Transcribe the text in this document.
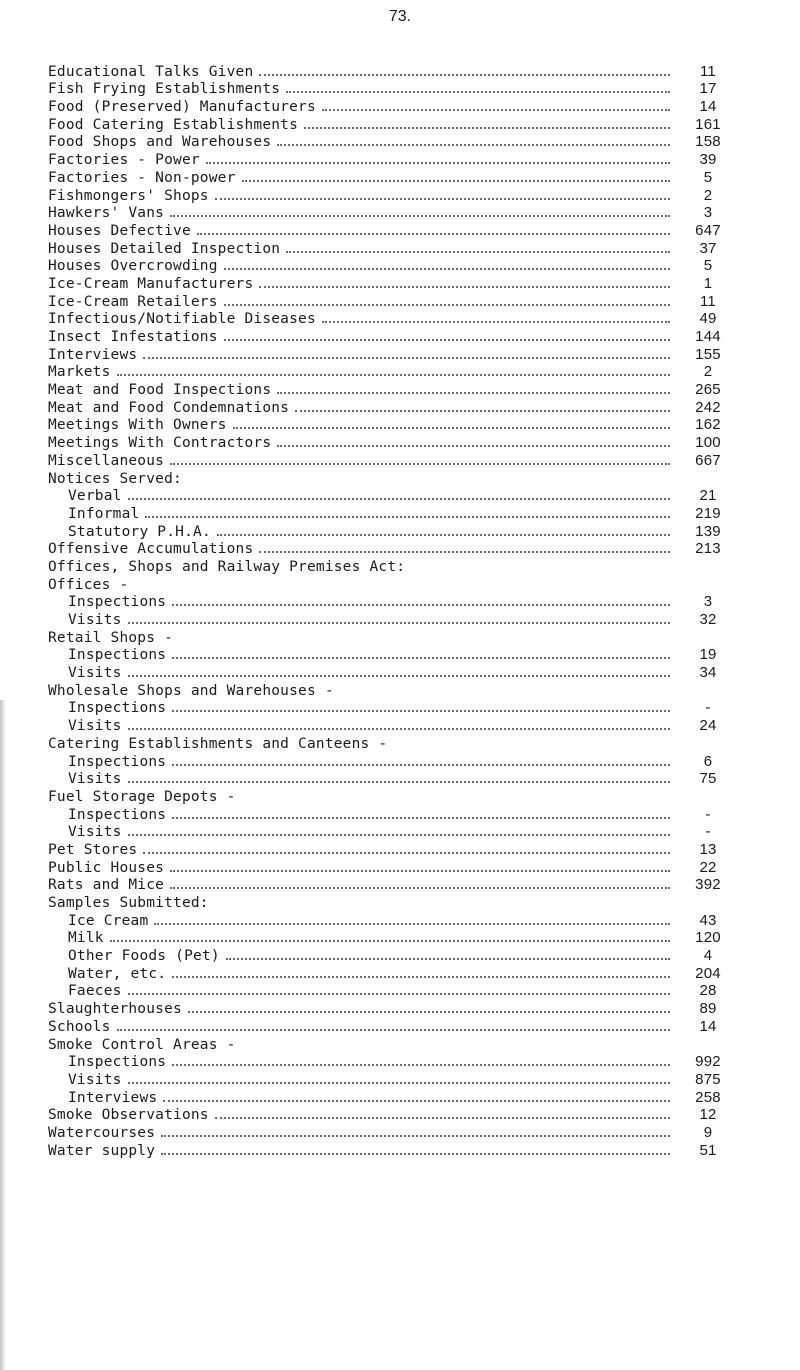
73.
Educational Talks Given	11
Fish Frying Establishments	17
Food (Preserved) Manufacturers	14
Food Catering Establishments	161
Food Shops and Warehouses	158
Factories - Power	39
Factories - Non-power	5
Fishmongers' Shops	2
Hawkers' Vans	3
Houses Defective	647
Houses Detailed Inspection	37
Houses Overcrowding	5
Ice-Cream Manufacturers	1
Ice-Cream Retailers	11
Infectious/Notifiable Diseases	49
Insect Infestations	144
Interviews	155
Markets	2
Meat and Food Inspections	265
Meat and Food Condemnations	242
Meetings With Owners	162
Meetings With Contractors	100
Miscellaneous	667
Notices Served:
Verbal	21
Informal	219
Statutory P.H.A.	139
Offensive Accumulations	213
Offices, Shops and Railway Premises Act:
Offices -
Inspections	3
Visits	32
Retail Shops -
Inspections	19
Visits	34
Wholesale Shops and Warehouses -
Inspections	-
Visits	24
Catering Establishments and Canteens -
Inspections	6
Visits	75
Fuel Storage Depots -
Inspections	-
Visits	-
Pet Stores	13
Public Houses	22
Rats and Mice	392
Samples Submitted:
Ice Cream	43
Milk	120
Other Foods (Pet)	4
Water, etc.	204
Faeces	28
Slaughterhouses	89
Schools	14
Smoke Control Areas -
Inspections	992
Visits	875
Interviews	258
Smoke Observations	12
Watercourses	9
Water supply	51
